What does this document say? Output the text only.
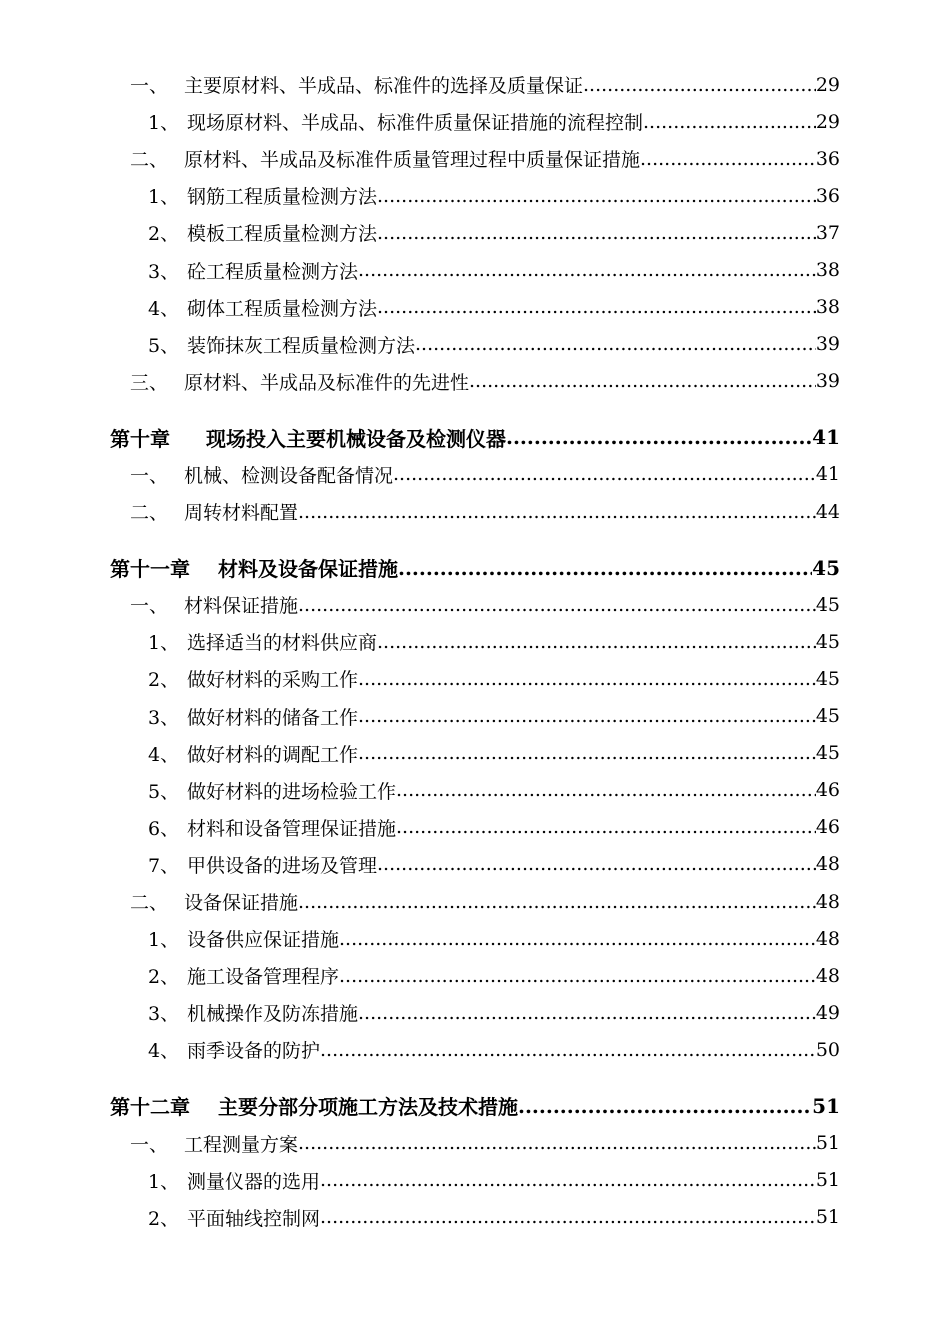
一、 主要原材料、半成品、标准件的选择及质量保证 .....	29
1、 现场原材料、半成品、标准件质量保证措施的流程控制 .....	29
二、 原材料、半成品及标准件质量管理过程中质量保证措施 .....	36
1、 钢筋工程质量检测方法 .....	36
2、 模板工程质量检测方法 .....	37
3、 砼工程质量检测方法 .....	38
4、 砌体工程质量检测方法 .....	38
5、 装饰抹灰工程质量检测方法 .....	39
三、 原材料、半成品及标准件的先进性 .....	39
第十章 现场投入主要机械设备及检测仪器 .....	41
一、 机械、检测设备配备情况 .....	41
二、 周转材料配置 .....	44
第十一章 材料及设备保证措施 .....	45
一、 材料保证措施 .....	45
1、 选择适当的材料供应商 .....	45
2、 做好材料的采购工作 .....	45
3、 做好材料的储备工作 .....	45
4、 做好材料的调配工作 .....	45
5、 做好材料的进场检验工作 .....	46
6、 材料和设备管理保证措施 .....	46
7、 甲供设备的进场及管理 .....	48
二、 设备保证措施 .....	48
1、 设备供应保证措施 .....	48
2、 施工设备管理程序 .....	48
3、 机械操作及防冻措施 .....	49
4、 雨季设备的防护 .....	50
第十二章 主要分部分项施工方法及技术措施 .....	51
一、 工程测量方案 .....	51
1、 测量仪器的选用 .....	51
2、 平面轴线控制网 .....	51
